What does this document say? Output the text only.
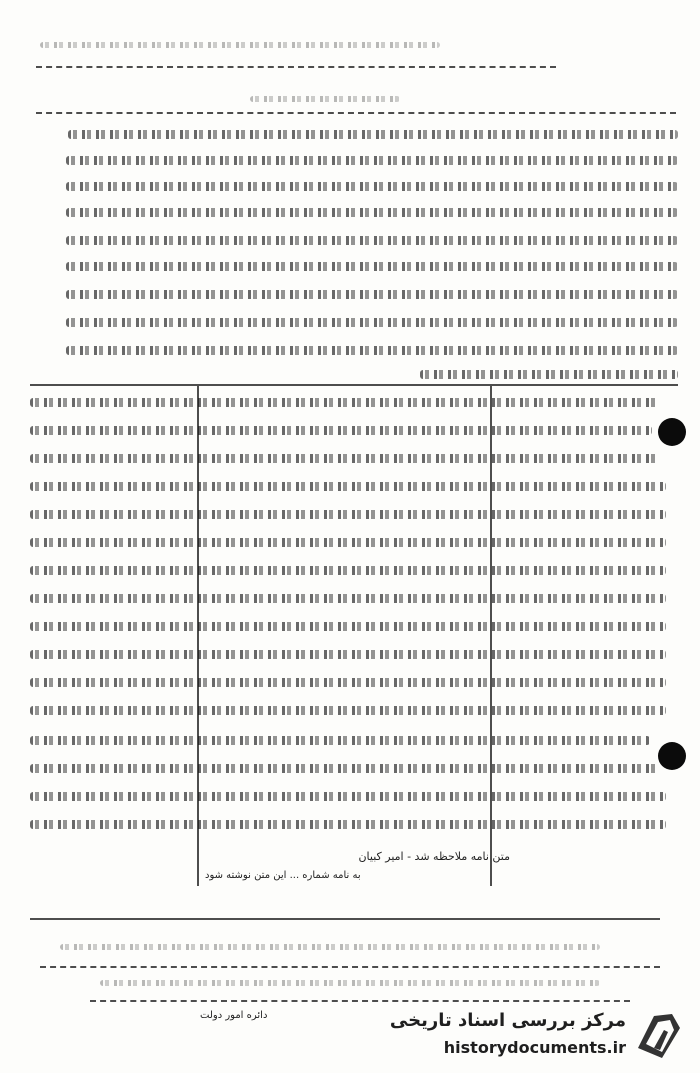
متن نامه ملاحظه شد - امیر کبیان
به نامه شماره ... این متن نوشته شود
دائره امور دولت	مرکز بررسی اسناد تاریخی
historydocuments.ir
